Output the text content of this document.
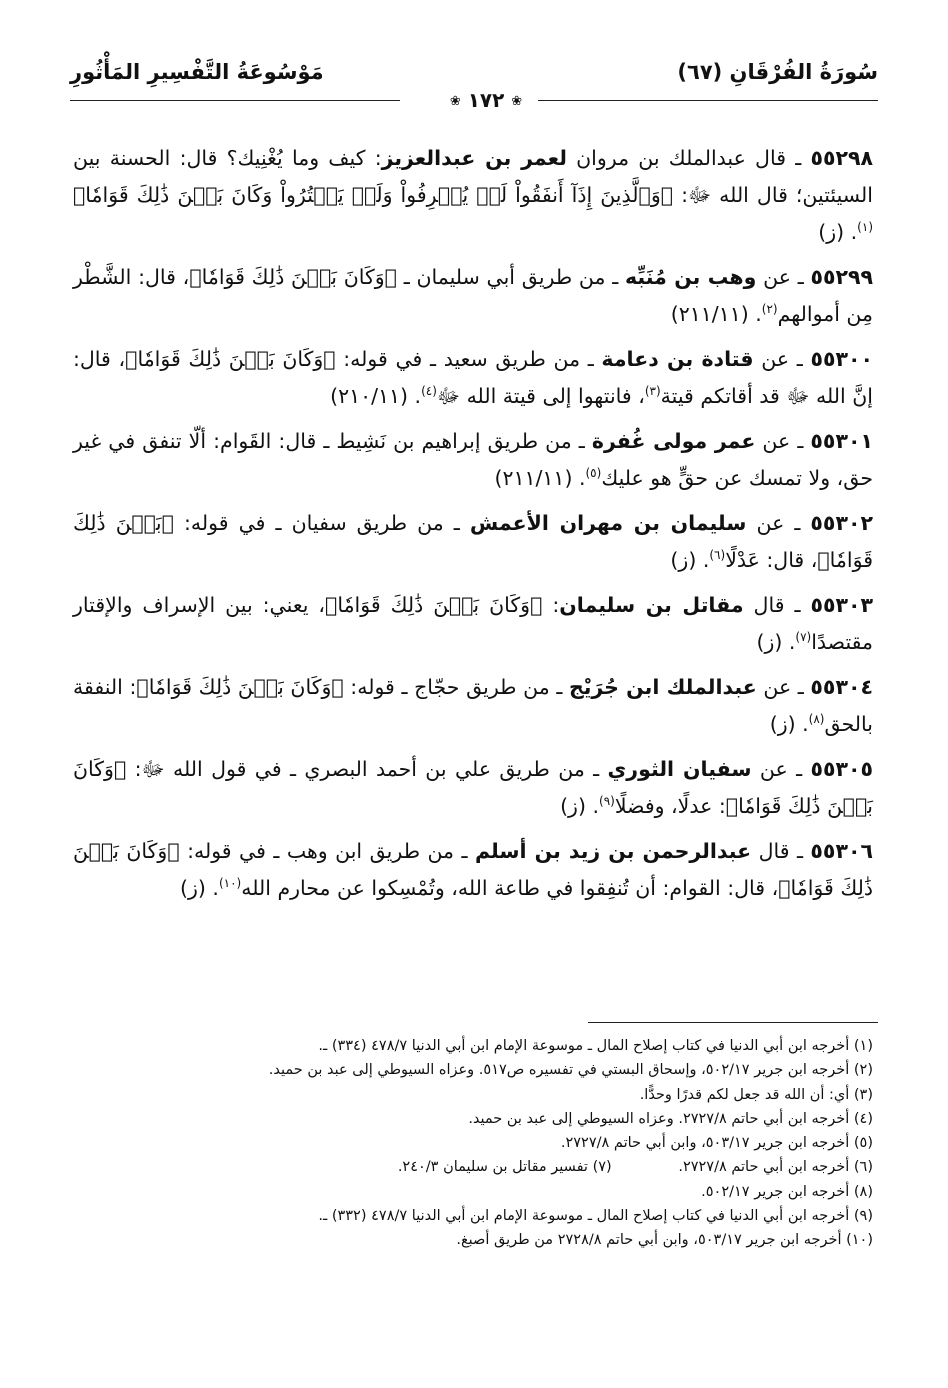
سُورَةُ الفُرْقَانِ (٦٧)
مَوْسُوعَةُ التَّفْسِيرِ المَأْثُورِ
❀ ١٧٢ ❀
٥٥٢٩٨ ـ قال عبدالملك بن مروان لعمر بن عبدالعزيز: كيف وما يُغْنِيك؟ قال: الحسنة بين السيئتين؛ قال الله ﷻ: ﴿وَٱلَّذِينَ إِذَآ أَنفَقُواْ لَمۡ يُسۡرِفُواْ وَلَمۡ يَقۡتُرُواْ وَكَانَ بَيۡنَ ذَٰلِكَ قَوَامٗا﴾$^{(١)}$. (ز)
٥٥٢٩٩ ـ عن وهب بن مُنَبِّه ـ من طريق أبي سليمان ـ ﴿وَكَانَ بَيۡنَ ذَٰلِكَ قَوَامٗا﴾، قال: الشَّطْر مِن أموالهم$^{(٢)}$. (٢١١/١١)
٥٥٣٠٠ ـ عن قتادة بن دعامة ـ من طريق سعيد ـ في قوله: ﴿وَكَانَ بَيۡنَ ذَٰلِكَ قَوَامٗا﴾، قال: إنَّ الله ﷻ قد أقاتكم قيتة$^{(٣)}$، فانتهوا إلى قيتة الله ﷻ$^{(٤)}$. (٢١٠/١١)
٥٥٣٠١ ـ عن عمر مولى غُفرة ـ من طريق إبراهيم بن نَشِيط ـ قال: القَوام: ألّا تنفق في غير حق، ولا تمسك عن حقٍّ هو عليك$^{(٥)}$. (٢١١/١١)
٥٥٣٠٢ ـ عن سليمان بن مهران الأعمش ـ من طريق سفيان ـ في قوله: ﴿بَيۡنَ ذَٰلِكَ قَوَامٗا﴾، قال: عَدْلًا$^{(٦)}$. (ز)
٥٥٣٠٣ ـ قال مقاتل بن سليمان: ﴿وَكَانَ بَيۡنَ ذَٰلِكَ قَوَامٗا﴾، يعني: بين الإسراف والإقتار مقتصدًا$^{(٧)}$. (ز)
٥٥٣٠٤ ـ عن عبدالملك ابن جُرَيْج ـ من طريق حجّاج ـ قوله: ﴿وَكَانَ بَيۡنَ ذَٰلِكَ قَوَامٗا﴾: النفقة بالحق$^{(٨)}$. (ز)
٥٥٣٠٥ ـ عن سفيان الثوري ـ من طريق علي بن أحمد البصري ـ في قول الله ﷻ: ﴿وَكَانَ بَيۡنَ ذَٰلِكَ قَوَامٗا﴾: عدلًا، وفضلًا$^{(٩)}$. (ز)
٥٥٣٠٦ ـ قال عبدالرحمن بن زيد بن أسلم ـ من طريق ابن وهب ـ في قوله: ﴿وَكَانَ بَيۡنَ ذَٰلِكَ قَوَامٗا﴾، قال: القوام: أن تُنفِقوا في طاعة الله، وتُمْسِكوا عن محارم الله$^{(١٠)}$. (ز)
(١) أخرجه ابن أبي الدنيا في كتاب إصلاح المال ـ موسوعة الإمام ابن أبي الدنيا ٤٧٨/٧ (٣٣٤) ـ.
(٢) أخرجه ابن جرير ٥٠٢/١٧، وإسحاق البستي في تفسيره ص٥١٧. وعزاه السيوطي إلى عبد بن حميد.
(٣) أي: أن الله قد جعل لكم قدرًا وحدًّا.
(٤) أخرجه ابن أبي حاتم ٢٧٢٧/٨. وعزاه السيوطي إلى عبد بن حميد.
(٥) أخرجه ابن جرير ٥٠٣/١٧، وابن أبي حاتم ٢٧٢٧/٨.
(٦) أخرجه ابن أبي حاتم ٢٧٢٧/٨. (٧) تفسير مقاتل بن سليمان ٢٤٠/٣.
(٨) أخرجه ابن جرير ٥٠٢/١٧.
(٩) أخرجه ابن أبي الدنيا في كتاب إصلاح المال ـ موسوعة الإمام ابن أبي الدنيا ٤٧٨/٧ (٣٣٢) ـ.
(١٠) أخرجه ابن جرير ٥٠٣/١٧، وابن أبي حاتم ٢٧٢٨/٨ من طريق أصبغ.
